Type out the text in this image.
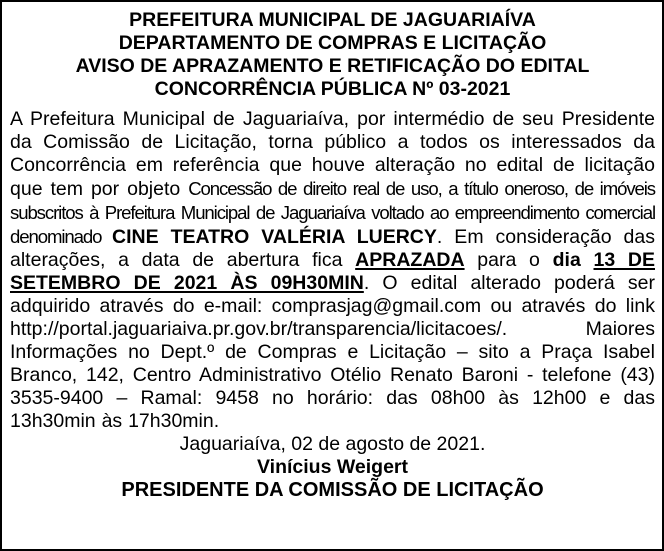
PREFEITURA MUNICIPAL DE JAGUARIAÍVA
DEPARTAMENTO DE COMPRAS E LICITAÇÃO
AVISO DE APRAZAMENTO E RETIFICAÇÃO DO EDITAL
CONCORRÊNCIA PÚBLICA Nº 03-2021

A Prefeitura Municipal de Jaguariaíva, por intermédio de seu Presidente da Comissão de Licitação, torna público a todos os interessados da Concorrência em referência que houve alteração no edital de licitação que tem por objeto Concessão de direito real de uso, a título oneroso, de imóveis subscritos à Prefeitura Municipal de Jaguariaíva voltado ao empreendimento comercial denominado CINE TEATRO VALÉRIA LUERCY. Em consideração das alterações, a data de abertura fica APRAZADA para o dia 13 DE SETEMBRO DE 2021 ÀS 09H30MIN. O edital alterado poderá ser adquirido através do e-mail: comprasjag@gmail.com ou através do link http://portal.jaguariaiva.pr.gov.br/transparencia/licitacoes/. Maiores Informações no Dept.º de Compras e Licitação – sito a Praça Isabel Branco, 142, Centro Administrativo Otélio Renato Baroni - telefone (43) 3535-9400 – Ramal: 9458 no horário: das 08h00 às 12h00 e das 13h30min às 17h30min.

Jaguariaíva, 02 de agosto de 2021.
Vinícius Weigert
PRESIDENTE DA COMISSÃO DE LICITAÇÃO
